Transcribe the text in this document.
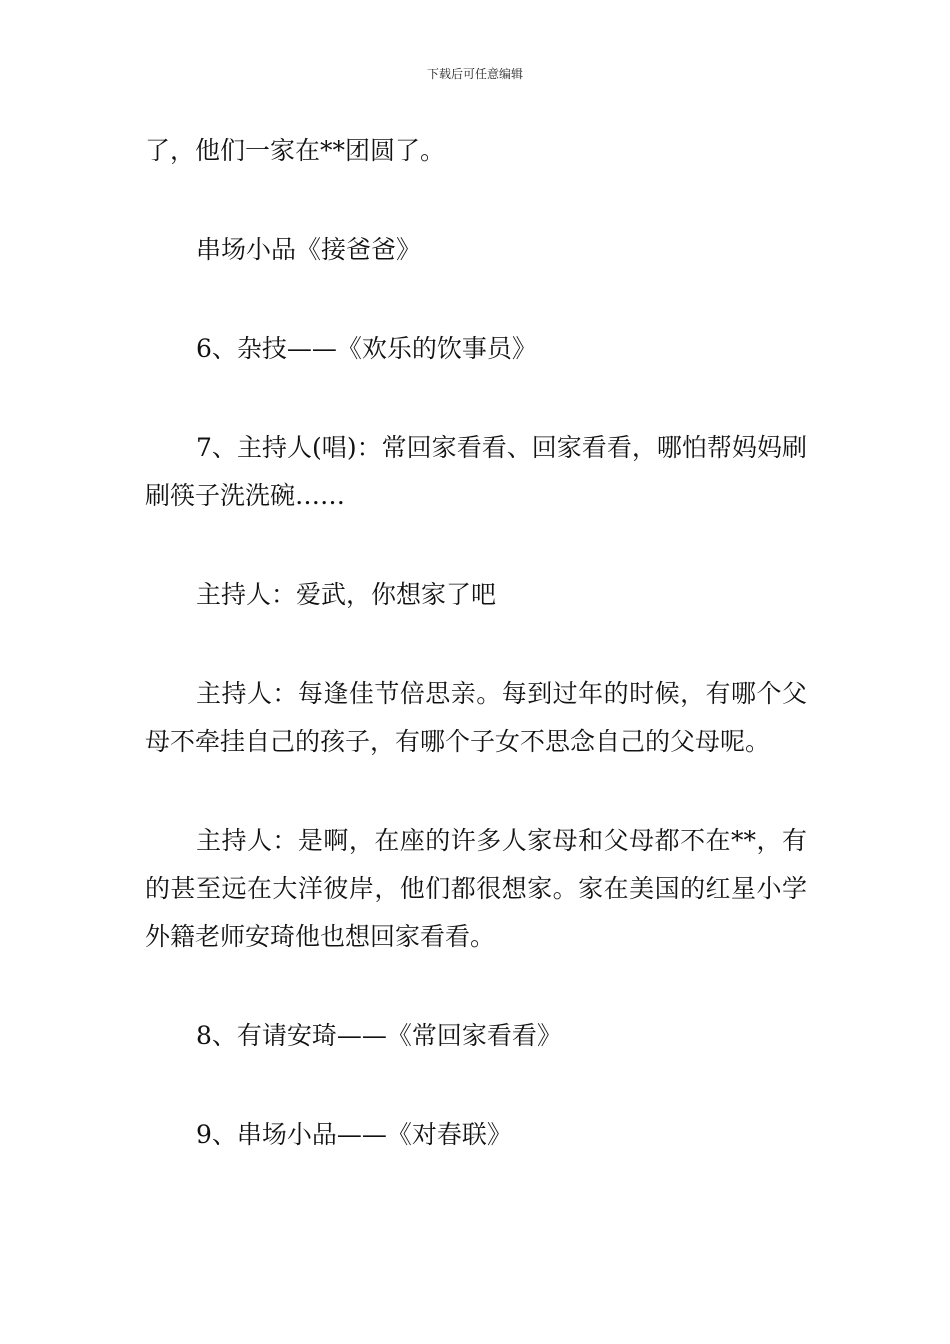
下载后可任意编辑

了，他们一家在**团圆了。

串场小品《接爸爸》

6、杂技——《欢乐的饮事员》

7、主持人(唱)：常回家看看、回家看看，哪怕帮妈妈刷刷筷子洗洗碗……

主持人：爱武，你想家了吧

主持人：每逢佳节倍思亲。每到过年的时候，有哪个父母不牵挂自己的孩子，有哪个子女不思念自己的父母呢。

主持人：是啊，在座的许多人家母和父母都不在**，有的甚至远在大洋彼岸，他们都很想家。家在美国的红星小学外籍老师安琦他也想回家看看。

8、有请安琦——《常回家看看》

9、串场小品——《对春联》
